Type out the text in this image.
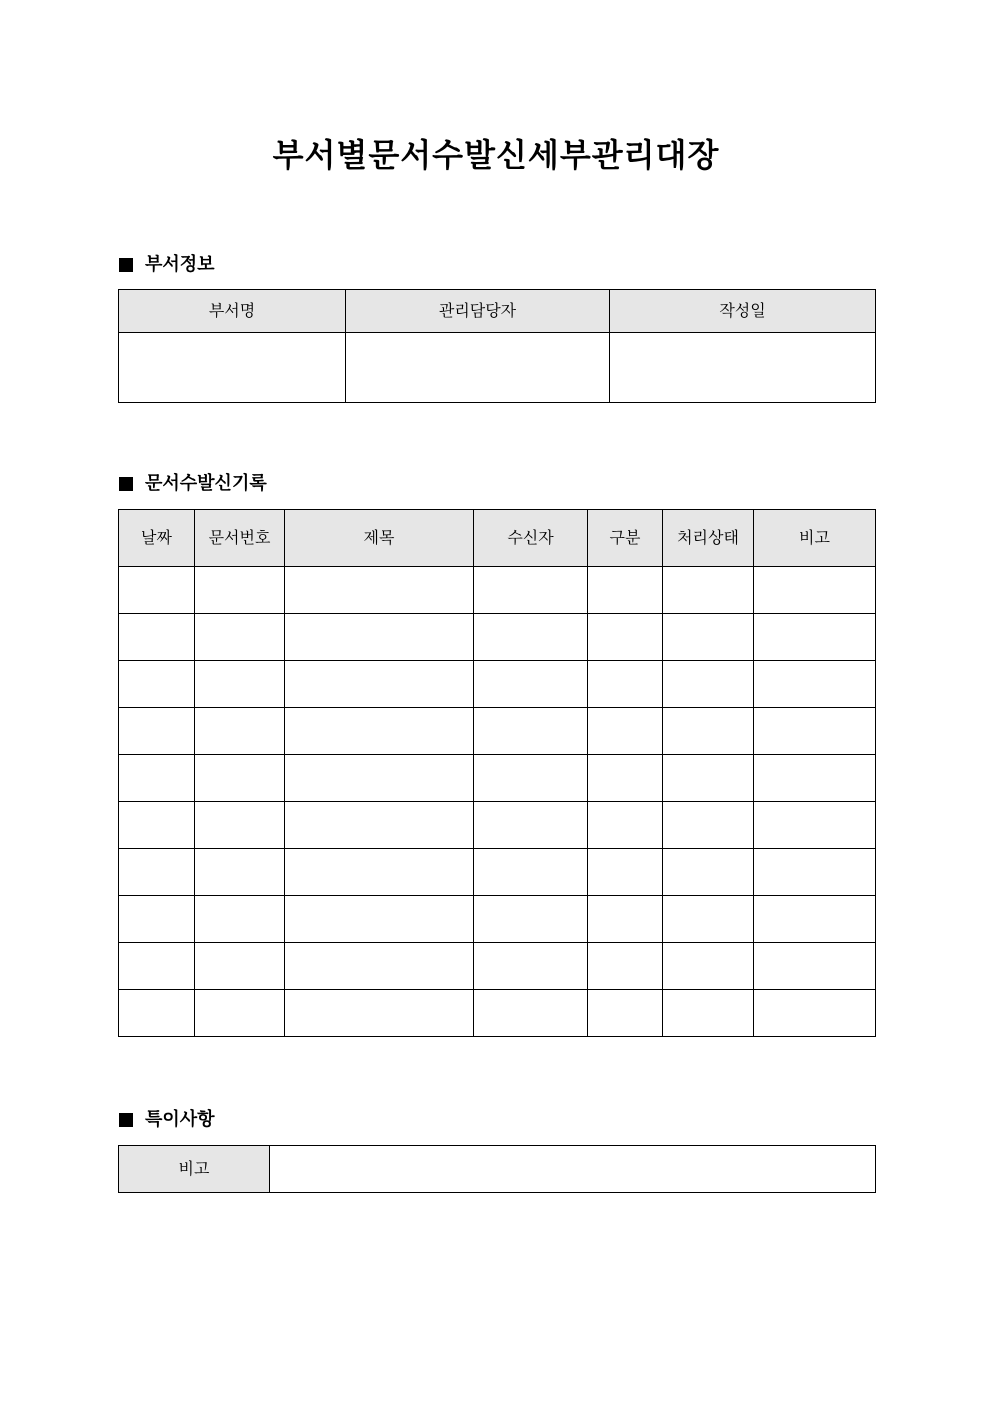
부서별문서수발신세부관리대장
부서정보
부서명	관리담당자	작성일

문서수발신기록
날짜	문서번호	제목	수신자	구분	처리상태	비고

특이사항
비고	
